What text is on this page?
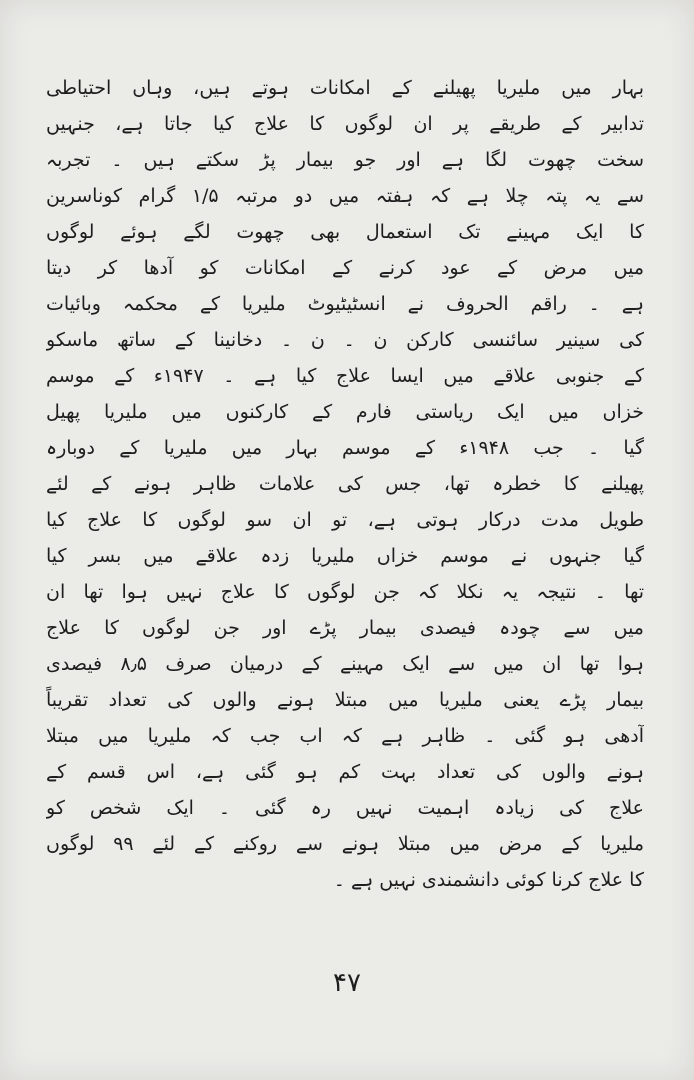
بہار میں ملیریا پھیلنے کے امکانات ہوتے ہیں، وہاں احتیاطی
تدابیر کے طریقے پر ان لوگوں کا علاج کیا جاتا ہے، جنہیں
سخت چھوت لگا ہے اور جو بیمار پڑ سکتے ہیں ۔ تجربہ
سے یہ پتہ چلا ہے کہ ہفتہ میں دو مرتبہ ۱/۵ گرام کوناسرین
کا ایک مہینے تک استعمال بھی چھوت لگے ہوئے لوگوں
میں مرض کے عود کرنے کے امکانات کو آدھا کر دیتا
ہے ۔ راقم الحروف نے انسٹیٹیوٹ ملیریا کے محکمہ وبائیات
کی سینیر سائنسی کارکن ن ۔ ن ۔ دخانینا کے ساتھ ماسکو
کے جنوبی علاقے میں ایسا علاج کیا ہے ۔ ۱۹۴۷ء کے موسم
خزاں میں ایک ریاستی فارم کے کارکنوں میں ملیریا پھیل
گیا ۔ جب ۱۹۴۸ء کے موسم بہار میں ملیریا کے دوبارہ
پھیلنے کا خطرہ تھا، جس کی علامات ظاہر ہونے کے لئے
طویل مدت درکار ہوتی ہے، تو ان سو لوگوں کا علاج کیا
گیا جنہوں نے موسم خزاں ملیریا زدہ علاقے میں بسر کیا
تھا ۔ نتیجہ یہ نکلا کہ جن لوگوں کا علاج نہیں ہوا تھا ان
میں سے چودہ فیصدی بیمار پڑے اور جن لوگوں کا علاج
ہوا تھا ان میں سے ایک مہینے کے درمیان صرف ۸٫۵ فیصدی
بیمار پڑے یعنی ملیریا میں مبتلا ہونے والوں کی تعداد تقریباً
آدھی ہو گئی ۔ ظاہر ہے کہ اب جب کہ ملیریا میں مبتلا
ہونے والوں کی تعداد بہت کم ہو گئی ہے، اس قسم کے
علاج کی زیادہ اہمیت نہیں رہ گئی ۔ ایک شخص کو
ملیریا کے مرض میں مبتلا ہونے سے روکنے کے لئے ۹۹ لوگوں
کا علاج کرنا کوئی دانشمندی نہیں ہے ۔
۴۷
